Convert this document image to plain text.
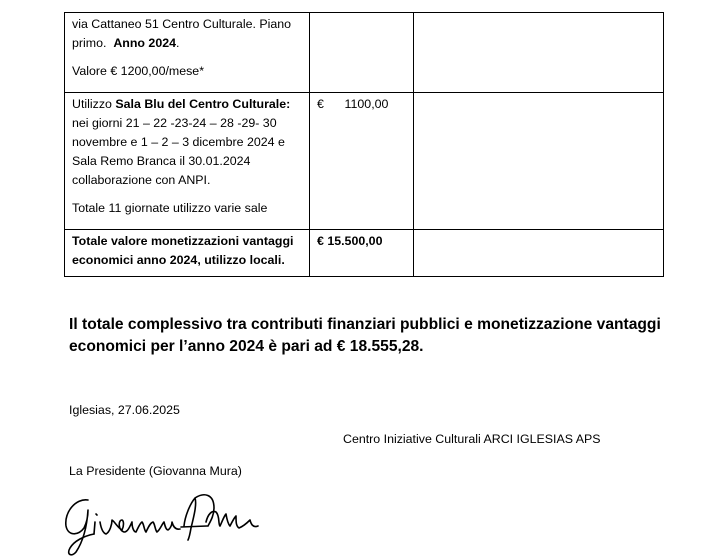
via Cattaneo 51 Centro Culturale. Piano

primo. Anno 2024.

Valore € 1200,00/mese*		

Utilizzo Sala Blu del Centro Culturale: nei giorni 21 – 22 -23-24 – 28 -29- 30 novembre e 1 – 2 – 3 dicembre 2024 e Sala Remo Branca il 30.01.2024 collaborazione con ANPI.

Totale 11 giornate utilizzo varie sale	€      1100,00	
Totale valore monetizzazioni vantaggi economici anno 2024, utilizzo locali.	€ 15.500,00	
Il totale complessivo tra contributi finanziari pubblici e monetizzazione vantaggi economici per l’anno 2024 è pari ad € 18.555,28.
Iglesias, 27.06.2025
Centro Iniziative Culturali ARCI IGLESIAS APS
La Presidente (Giovanna Mura)
